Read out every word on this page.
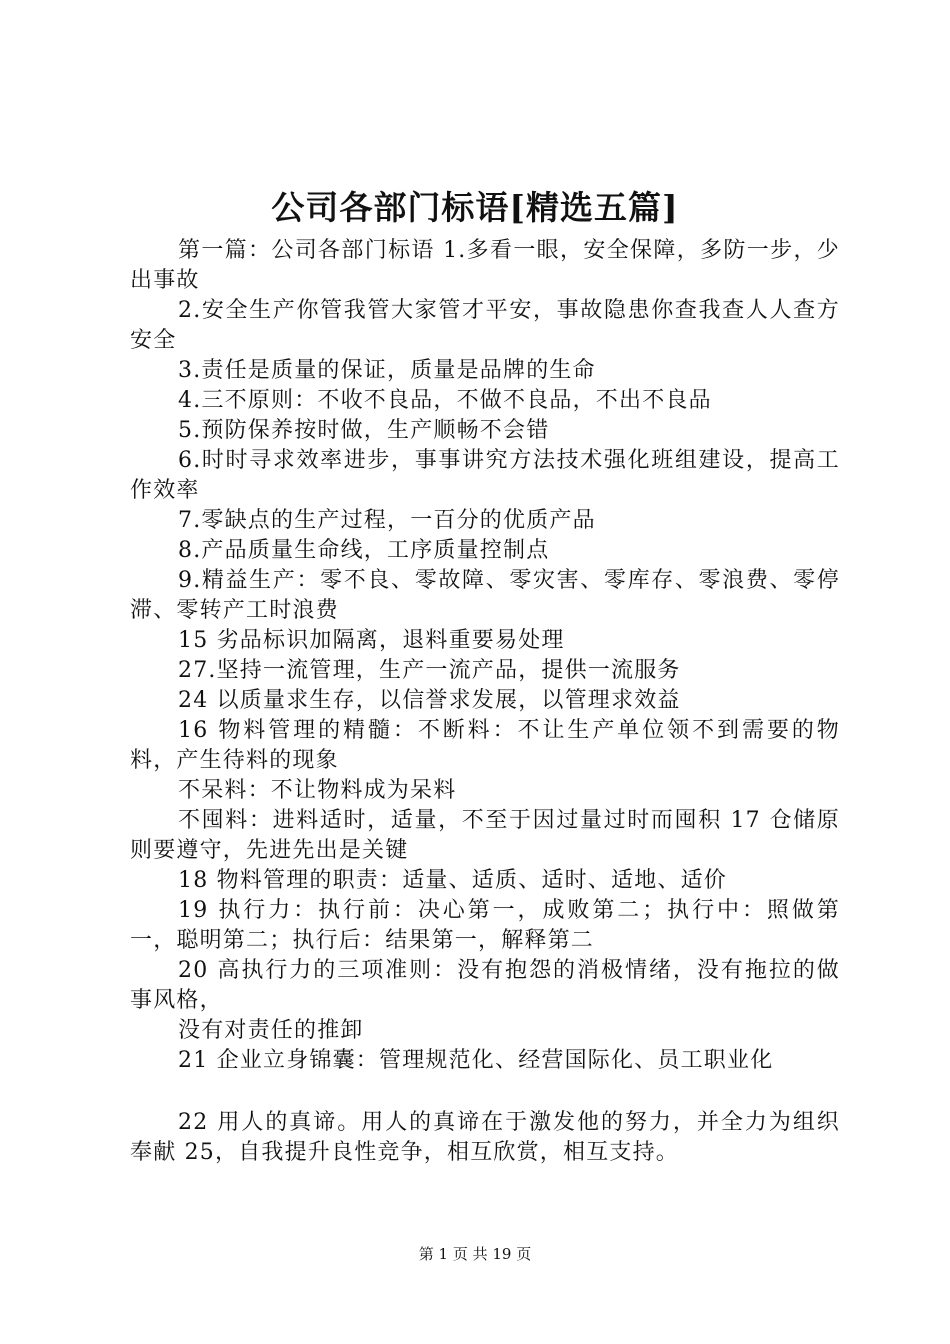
公司各部门标语[精选五篇]

第一篇：公司各部门标语 1.多看一眼，安全保障，多防一步，少出事故

2.安全生产你管我管大家管才平安，事故隐患你查我查人人查方安全

3.责任是质量的保证，质量是品牌的生命

4.三不原则：不收不良品，不做不良品，不出不良品

5.预防保养按时做，生产顺畅不会错

6.时时寻求效率进步，事事讲究方法技术强化班组建设，提高工作效率

7.零缺点的生产过程，一百分的优质产品

8.产品质量生命线，工序质量控制点

9.精益生产：零不良、零故障、零灾害、零库存、零浪费、零停滞、零转产工时浪费

15 劣品标识加隔离，退料重要易处理

27.坚持一流管理，生产一流产品，提供一流服务

24 以质量求生存，以信誉求发展，以管理求效益

16 物料管理的精髓：不断料：不让生产单位领不到需要的物料，产生待料的现象

不呆料：不让物料成为呆料

不囤料：进料适时，适量，不至于因过量过时而囤积 17 仓储原则要遵守，先进先出是关键

18 物料管理的职责：适量、适质、适时、适地、适价

19 执行力：执行前：决心第一，成败第二；执行中：照做第一，聪明第二；执行后：结果第一，解释第二

20 高执行力的三项准则：没有抱怨的消极情绪，没有拖拉的做事风格，

没有对责任的推卸

21 企业立身锦囊：管理规范化、经营国际化、员工职业化

22 用人的真谛。用人的真谛在于激发他的努力，并全力为组织奉献 25，自我提升良性竞争，相互欣赏，相互支持。

第 1 页 共 19 页
